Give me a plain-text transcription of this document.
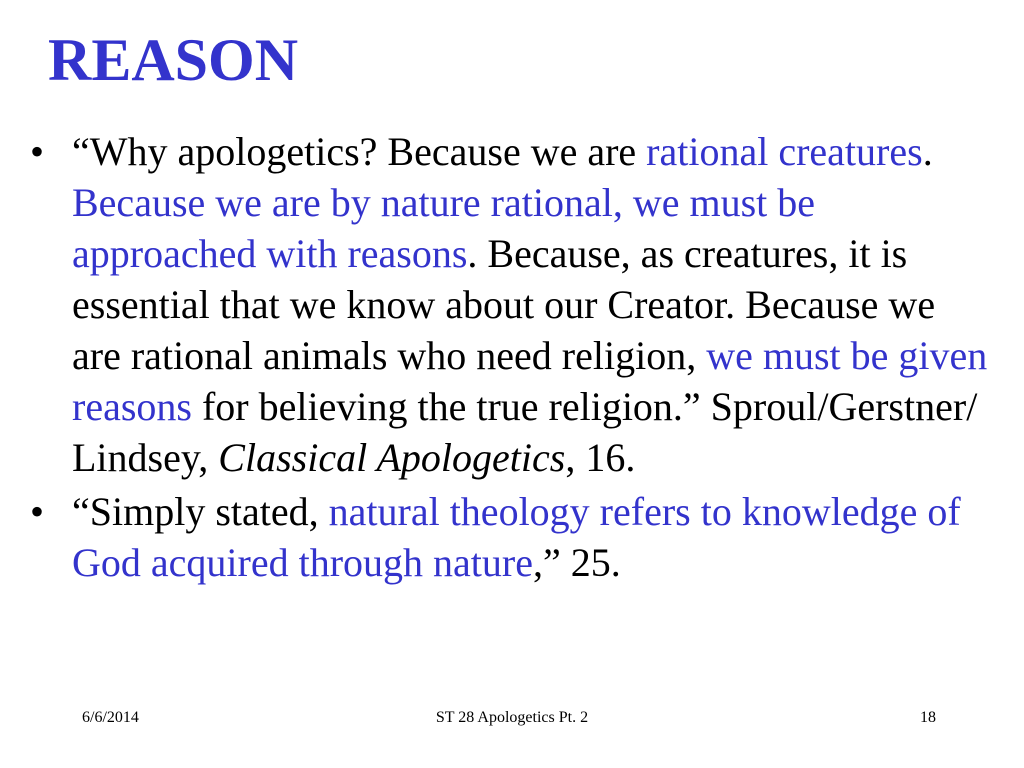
REASON
• “Why apologetics? Because we are rational creatures. Because we are by nature rational, we must be approached with reasons. Because, as creatures, it is essential that we know about our Creator. Because we are rational animals who need religion, we must be given reasons for believing the true religion.” Sproul/Gerstner/ Lindsey, Classical Apologetics, 16.
• “Simply stated, natural theology refers to knowledge of God acquired through nature,” 25.
6/6/2014	ST 28 Apologetics Pt. 2	18
